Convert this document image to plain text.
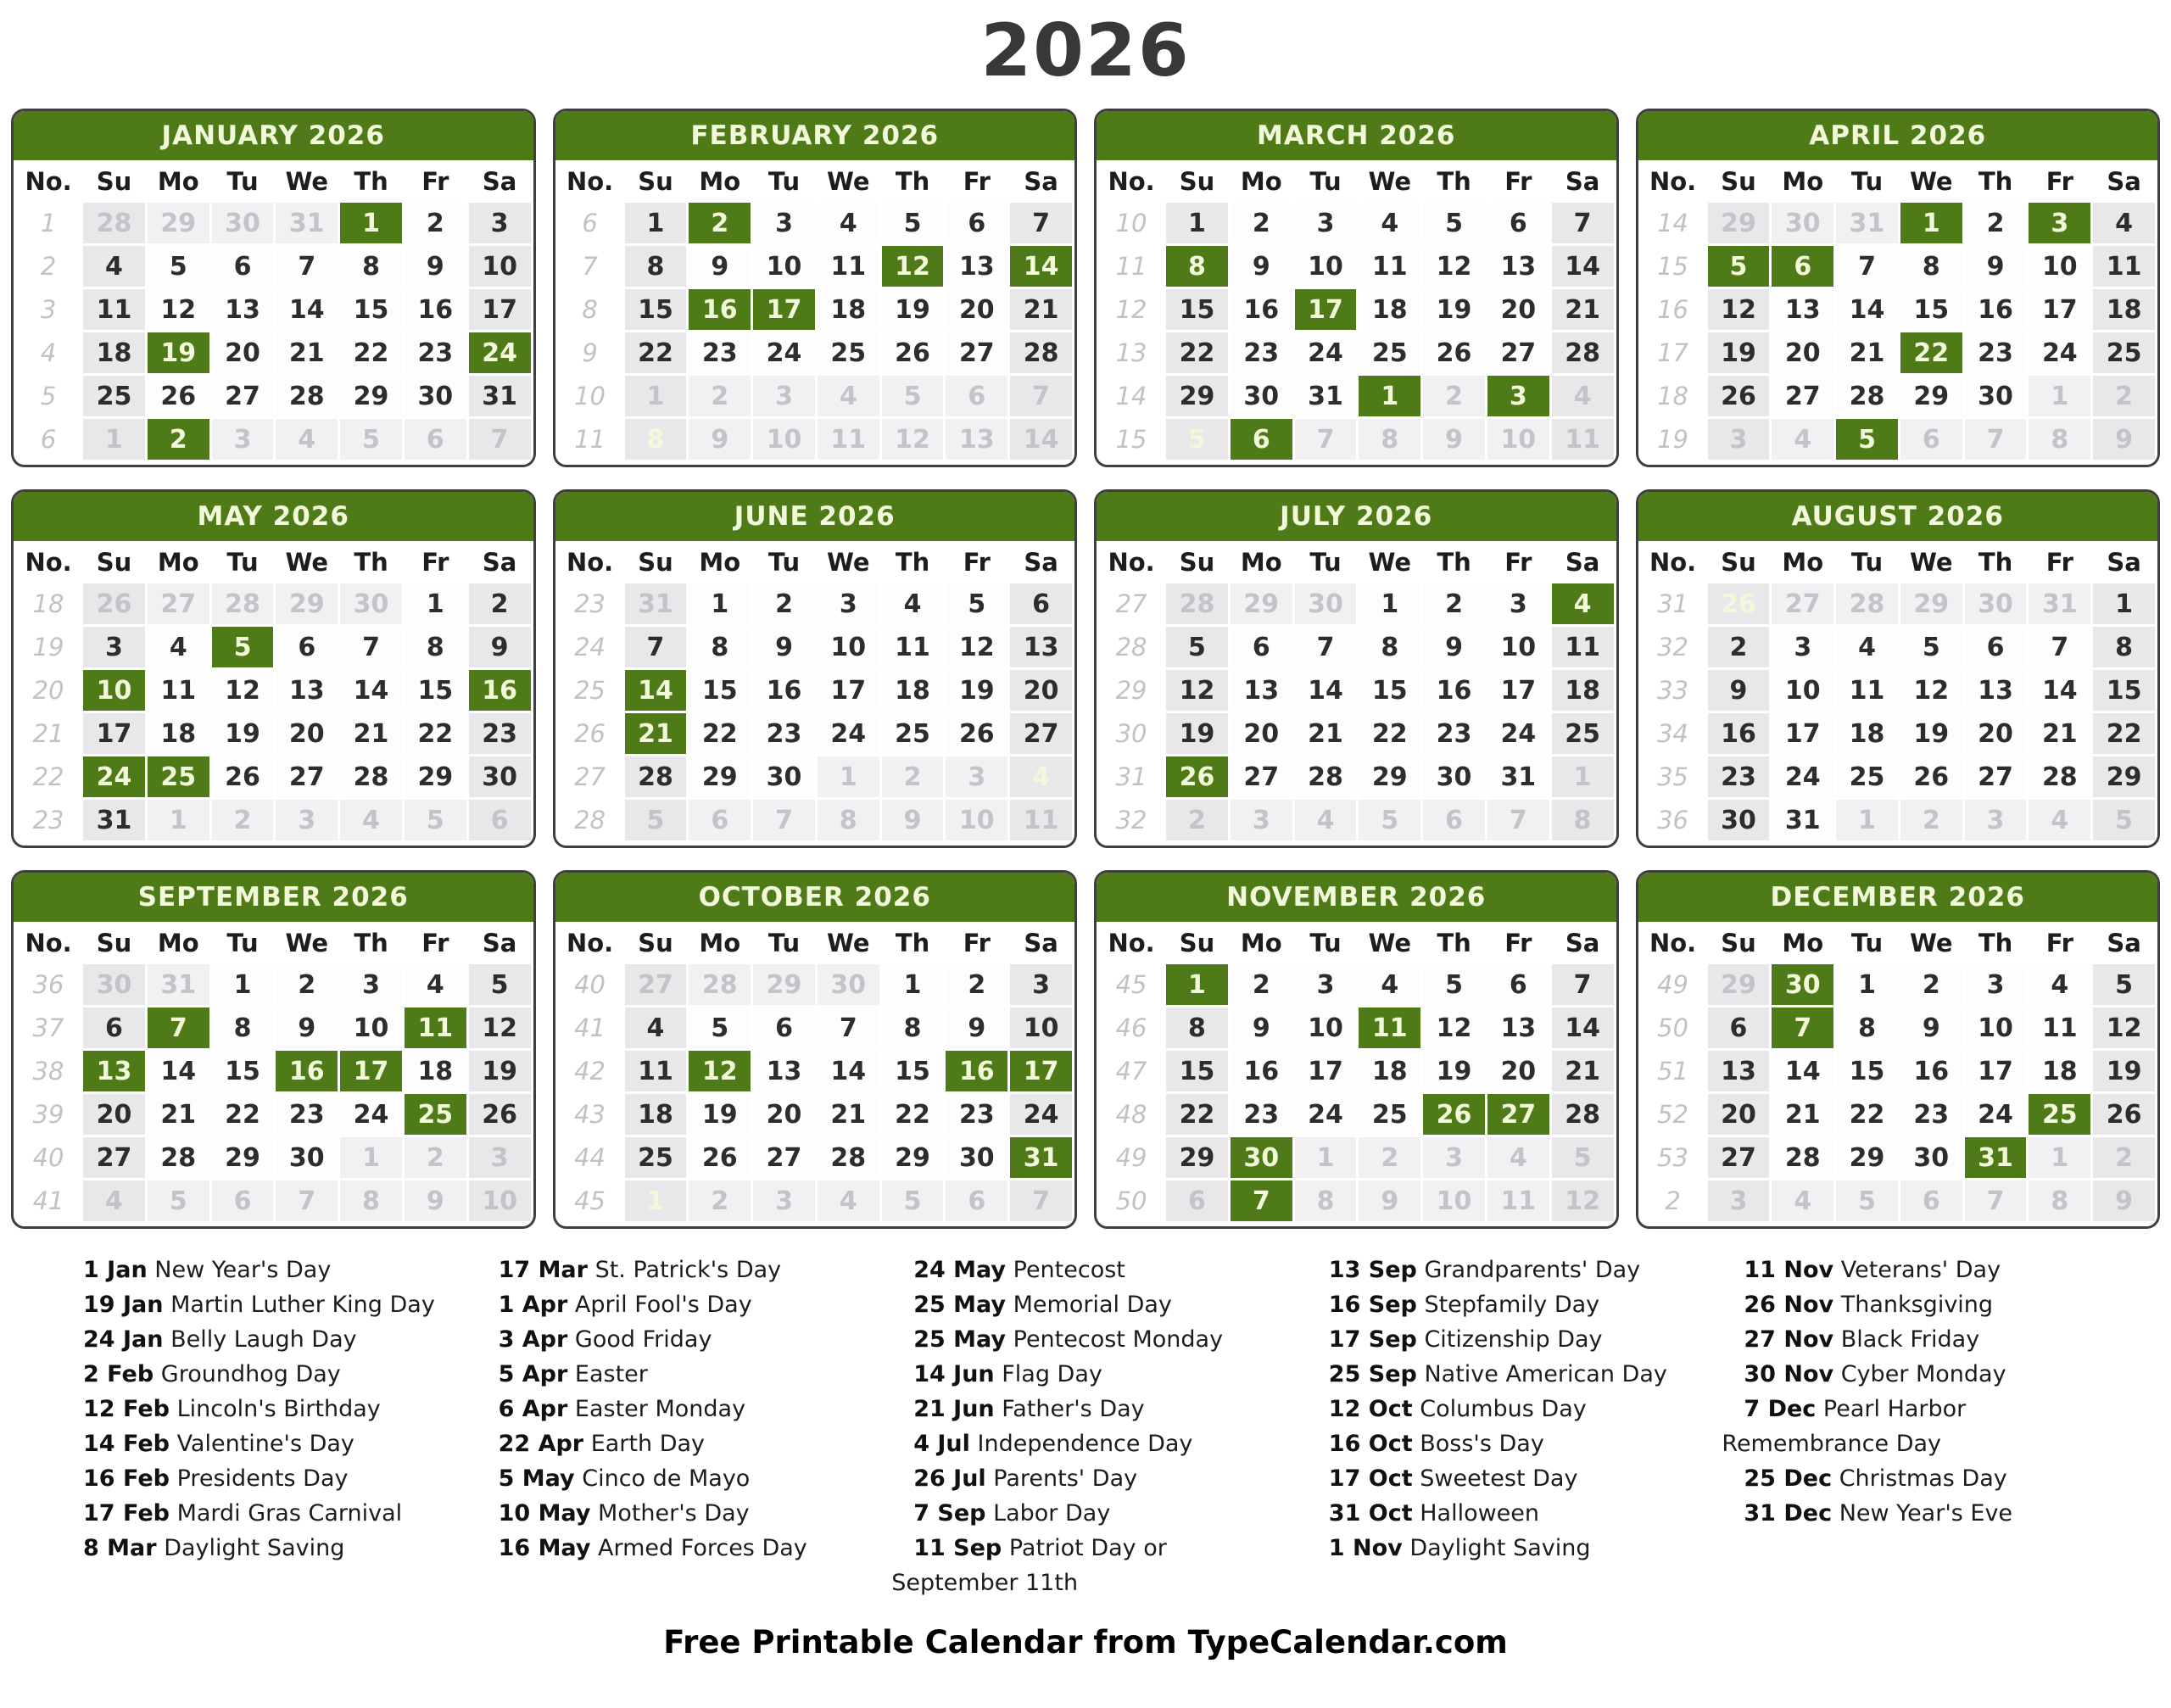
2026
JANUARY 2026
No.	Su	Mo	Tu	We	Th	Fr	Sa
1	28	29	30	31	1	2	3
2	4	5	6	7	8	9	10
3	11	12	13	14	15	16	17
4	18	19	20	21	22	23	24
5	25	26	27	28	29	30	31
6	1	2	3	4	5	6	7
FEBRUARY 2026
No.	Su	Mo	Tu	We	Th	Fr	Sa
6	1	2	3	4	5	6	7
7	8	9	10	11	12	13	14
8	15	16	17	18	19	20	21
9	22	23	24	25	26	27	28
10	1	2	3	4	5	6	7
11	8	9	10	11	12	13	14
MARCH 2026
No.	Su	Mo	Tu	We	Th	Fr	Sa
10	1	2	3	4	5	6	7
11	8	9	10	11	12	13	14
12	15	16	17	18	19	20	21
13	22	23	24	25	26	27	28
14	29	30	31	1	2	3	4
15	5	6	7	8	9	10	11
APRIL 2026
No.	Su	Mo	Tu	We	Th	Fr	Sa
14	29	30	31	1	2	3	4
15	5	6	7	8	9	10	11
16	12	13	14	15	16	17	18
17	19	20	21	22	23	24	25
18	26	27	28	29	30	1	2
19	3	4	5	6	7	8	9
MAY 2026
No.	Su	Mo	Tu	We	Th	Fr	Sa
18	26	27	28	29	30	1	2
19	3	4	5	6	7	8	9
20	10	11	12	13	14	15	16
21	17	18	19	20	21	22	23
22	24	25	26	27	28	29	30
23	31	1	2	3	4	5	6
JUNE 2026
No.	Su	Mo	Tu	We	Th	Fr	Sa
23	31	1	2	3	4	5	6
24	7	8	9	10	11	12	13
25	14	15	16	17	18	19	20
26	21	22	23	24	25	26	27
27	28	29	30	1	2	3	4
28	5	6	7	8	9	10	11
JULY 2026
No.	Su	Mo	Tu	We	Th	Fr	Sa
27	28	29	30	1	2	3	4
28	5	6	7	8	9	10	11
29	12	13	14	15	16	17	18
30	19	20	21	22	23	24	25
31	26	27	28	29	30	31	1
32	2	3	4	5	6	7	8
AUGUST 2026
No.	Su	Mo	Tu	We	Th	Fr	Sa
31	26	27	28	29	30	31	1
32	2	3	4	5	6	7	8
33	9	10	11	12	13	14	15
34	16	17	18	19	20	21	22
35	23	24	25	26	27	28	29
36	30	31	1	2	3	4	5
SEPTEMBER 2026
No.	Su	Mo	Tu	We	Th	Fr	Sa
36	30	31	1	2	3	4	5
37	6	7	8	9	10	11	12
38	13	14	15	16	17	18	19
39	20	21	22	23	24	25	26
40	27	28	29	30	1	2	3
41	4	5	6	7	8	9	10
OCTOBER 2026
No.	Su	Mo	Tu	We	Th	Fr	Sa
40	27	28	29	30	1	2	3
41	4	5	6	7	8	9	10
42	11	12	13	14	15	16	17
43	18	19	20	21	22	23	24
44	25	26	27	28	29	30	31
45	1	2	3	4	5	6	7
NOVEMBER 2026
No.	Su	Mo	Tu	We	Th	Fr	Sa
45	1	2	3	4	5	6	7
46	8	9	10	11	12	13	14
47	15	16	17	18	19	20	21
48	22	23	24	25	26	27	28
49	29	30	1	2	3	4	5
50	6	7	8	9	10	11	12
DECEMBER 2026
No.	Su	Mo	Tu	We	Th	Fr	Sa
49	29	30	1	2	3	4	5
50	6	7	8	9	10	11	12
51	13	14	15	16	17	18	19
52	20	21	22	23	24	25	26
53	27	28	29	30	31	1	2
2	3	4	5	6	7	8	9
1 Jan New Year's Day
19 Jan Martin Luther King Day
24 Jan Belly Laugh Day
2 Feb Groundhog Day
12 Feb Lincoln's Birthday
14 Feb Valentine's Day
16 Feb Presidents Day
17 Feb Mardi Gras Carnival
8 Mar Daylight Saving
17 Mar St. Patrick's Day
1 Apr April Fool's Day
3 Apr Good Friday
5 Apr Easter
6 Apr Easter Monday
22 Apr Earth Day
5 May Cinco de Mayo
10 May Mother's Day
16 May Armed Forces Day
24 May Pentecost
25 May Memorial Day
25 May Pentecost Monday
14 Jun Flag Day
21 Jun Father's Day
4 Jul Independence Day
26 Jul Parents' Day
7 Sep Labor Day
11 Sep Patriot Day or September 11th
13 Sep Grandparents' Day
16 Sep Stepfamily Day
17 Sep Citizenship Day
25 Sep Native American Day
12 Oct Columbus Day
16 Oct Boss's Day
17 Oct Sweetest Day
31 Oct Halloween
1 Nov Daylight Saving
11 Nov Veterans' Day
26 Nov Thanksgiving
27 Nov Black Friday
30 Nov Cyber Monday
7 Dec Pearl Harbor Remembrance Day
25 Dec Christmas Day
31 Dec New Year's Eve
Free Printable Calendar from TypeCalendar.com
